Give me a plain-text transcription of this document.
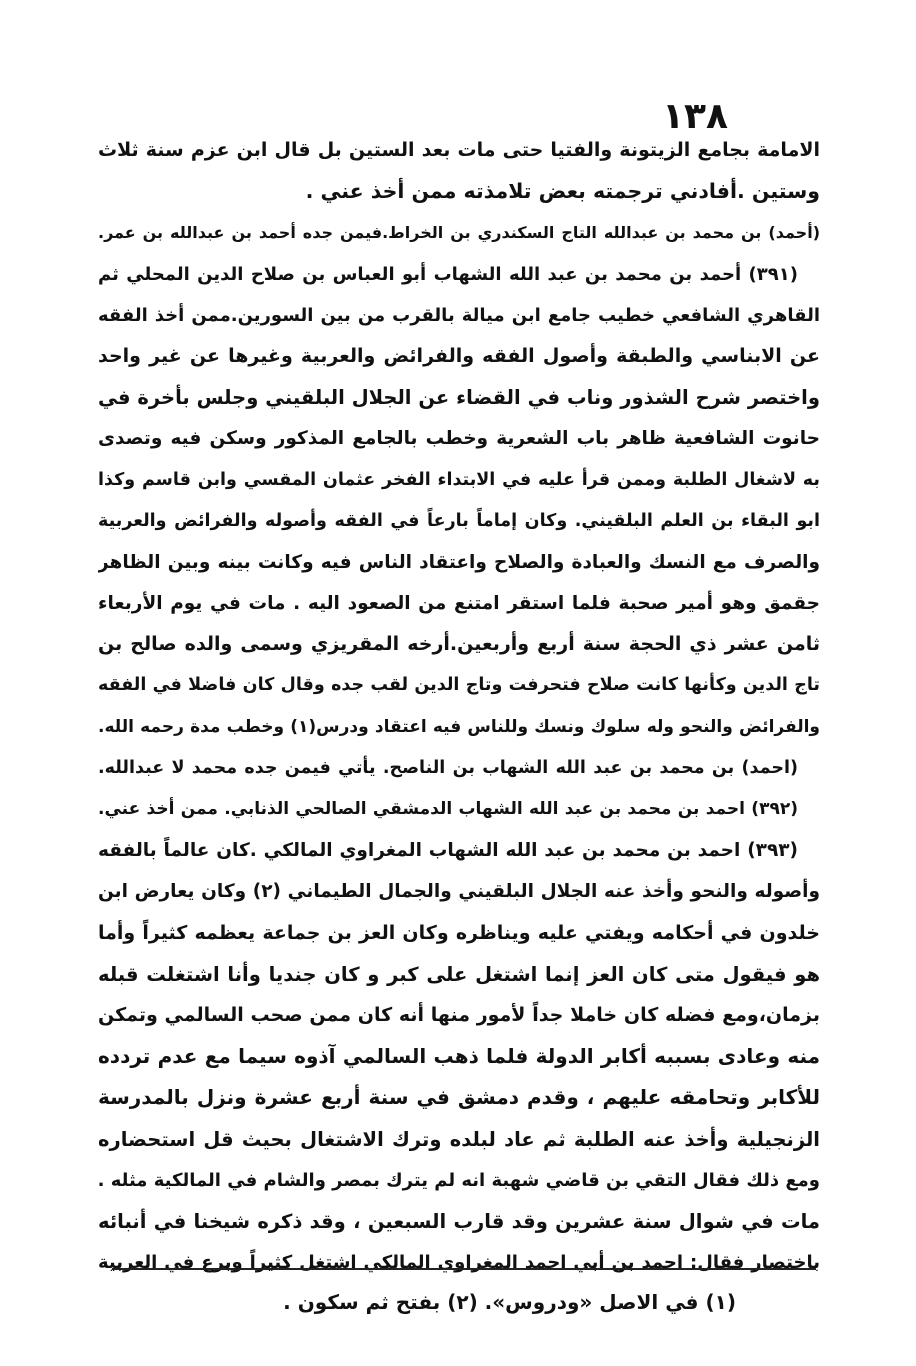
١٣٨
الامامة بجامع الزيتونة والفتيا حتى مات بعد الستين بل قال ابن عزم سنة ثلاث
وستين .أفادني ترجمته بعض تلامذته ممن أخذ عني .
(أحمد) بن محمد بن عبدالله التاج السكندري بن الخراط.فيمن جده أحمد بن عبدالله بن عمر.
(٣٩١) أحمد بن محمد بن عبد الله الشهاب أبو العباس بن صلاح الدين المحلي ثم
القاهري الشافعي خطيب جامع ابن ميالة بالقرب من بين السورين.ممن أخذ الفقه
عن الابناسي والطبقة وأصول الفقه والفرائض والعربية وغيرها عن غير واحد
واختصر شرح الشذور وناب في القضاء عن الجلال البلقيني وجلس بأخرة في
حانوت الشافعية ظاهر باب الشعرية وخطب بالجامع المذكور وسكن فيه وتصدى
به لاشغال الطلبة وممن قرأ عليه في الابتداء الفخر عثمان المقسي وابن قاسم وكذا
ابو البقاء بن العلم البلقيني. وكان إماماً بارعاً في الفقه وأصوله والفرائض والعربية
والصرف مع النسك والعبادة والصلاح واعتقاد الناس فيه وكانت بينه وبين الظاهر
جقمق وهو أمير صحبة فلما استقر امتنع من الصعود اليه . مات في يوم الأربعاء
ثامن عشر ذي الحجة سنة أربع وأربعين.أرخه المقريزي وسمى والده صالح بن
تاج الدين وكأنها كانت صلاح فتحرفت وتاج الدين لقب جده وقال كان فاضلا في الفقه
والفرائض والنحو وله سلوك ونسك وللناس فيه اعتقاد ودرس(١) وخطب مدة رحمه الله.
(احمد) بن محمد بن عبد الله الشهاب بن الناصح. يأتي فيمن جده محمد لا عبدالله.
(٣٩٢) احمد بن محمد بن عبد الله الشهاب الدمشقي الصالحي الذنابي. ممن أخذ عني.
(٣٩٣) احمد بن محمد بن عبد الله الشهاب المغراوي المالكي .كان عالماً بالفقه
وأصوله والنحو وأخذ عنه الجلال البلقيني والجمال الطيماني (٢) وكان يعارض ابن
خلدون في أحكامه ويفتي عليه ويناظره وكان العز بن جماعة يعظمه كثيراً وأما
هو فيقول متى كان العز إنما اشتغل على كبر و كان جنديا وأنا اشتغلت قبله
بزمان،ومع فضله كان خاملا جداً لأمور منها أنه كان ممن صحب السالمي وتمكن
منه وعادى بسببه أكابر الدولة فلما ذهب السالمي آذوه سيما مع عدم تردده
للأكابر وتحامقه عليهم ، وقدم دمشق في سنة أربع عشرة ونزل بالمدرسة
الزنجيلية وأخذ عنه الطلبة ثم عاد لبلده وترك الاشتغال بحيث قل استحضاره
ومع ذلك فقال التقي بن قاضي شهبة انه لم يترك بمصر والشام في المالكية مثله .
مات في شوال سنة عشرين وقد قارب السبعين ، وقد ذكره شيخنا في أنبائه
باختصار فقال: احمد بن أبي احمد المغراوي المالكي اشتغل كثيراً وبرع في العربية
(١) في الاصل «ودروس». (٢) بفتح ثم سكون .
